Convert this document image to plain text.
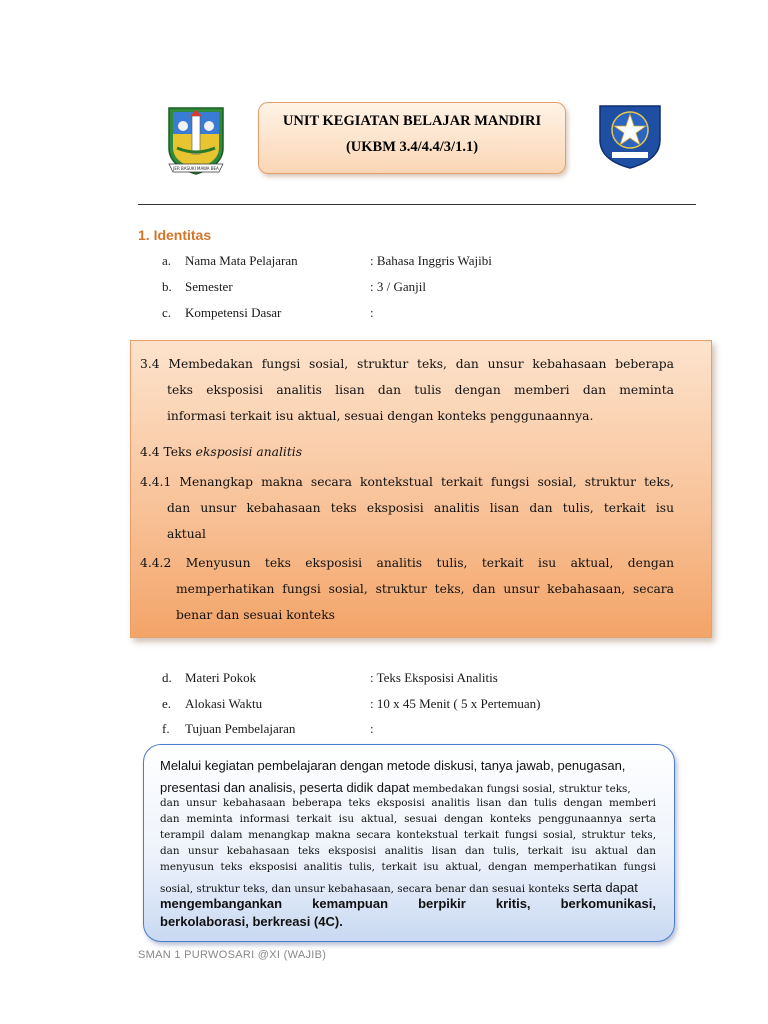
JER BASUKI MAWA BEA
UNIT KEGIATAN BELAJAR MANDIRI
(UKBM 3.4/4.4/3/1.1)
1. Identitas
a. Nama Mata Pelajaran	: Bahasa Inggris Wajibi
b. Semester	: 3 / Ganjil
c. Kompetensi Dasar	:
3.4 Membedakan fungsi sosial, struktur teks, dan unsur kebahasaan beberapa
teks eksposisi analitis lisan dan tulis dengan memberi dan meminta
informasi terkait isu aktual, sesuai dengan konteks penggunaannya.
4.4 Teks eksposisi analitis
4.4.1 Menangkap makna secara kontekstual terkait fungsi sosial, struktur teks,
dan unsur kebahasaan teks eksposisi analitis lisan dan tulis, terkait isu
aktual
4.4.2 Menyusun teks eksposisi analitis tulis, terkait isu aktual, dengan
memperhatikan fungsi sosial, struktur teks, dan unsur kebahasaan, secara
benar dan sesuai konteks
d. Materi Pokok	: Teks Eksposisi Analitis
e. Alokasi Waktu	: 10 x 45 Menit ( 5 x Pertemuan)
f. Tujuan Pembelajaran	:
Melalui kegiatan pembelajaran dengan metode diskusi, tanya jawab, penugasan,
presentasi dan analisis, peserta didik dapat membedakan fungsi sosial, struktur teks,
dan unsur kebahasaan beberapa teks eksposisi analitis lisan dan tulis dengan memberi
dan meminta informasi terkait isu aktual, sesuai dengan konteks penggunaannya serta
terampil dalam menangkap makna secara kontekstual terkait fungsi sosial, struktur teks,
dan unsur kebahasaan teks eksposisi analitis lisan dan tulis, terkait isu aktual dan
menyusun teks eksposisi analitis tulis, terkait isu aktual, dengan memperhatikan fungsi
sosial, struktur teks, dan unsur kebahasaan, secara benar dan sesuai konteks serta dapat
mengembangankan kemampuan berpikir kritis, berkomunikasi,
berkolaborasi, berkreasi (4C).
SMAN 1 PURWOSARI @XI (WAJIB)
